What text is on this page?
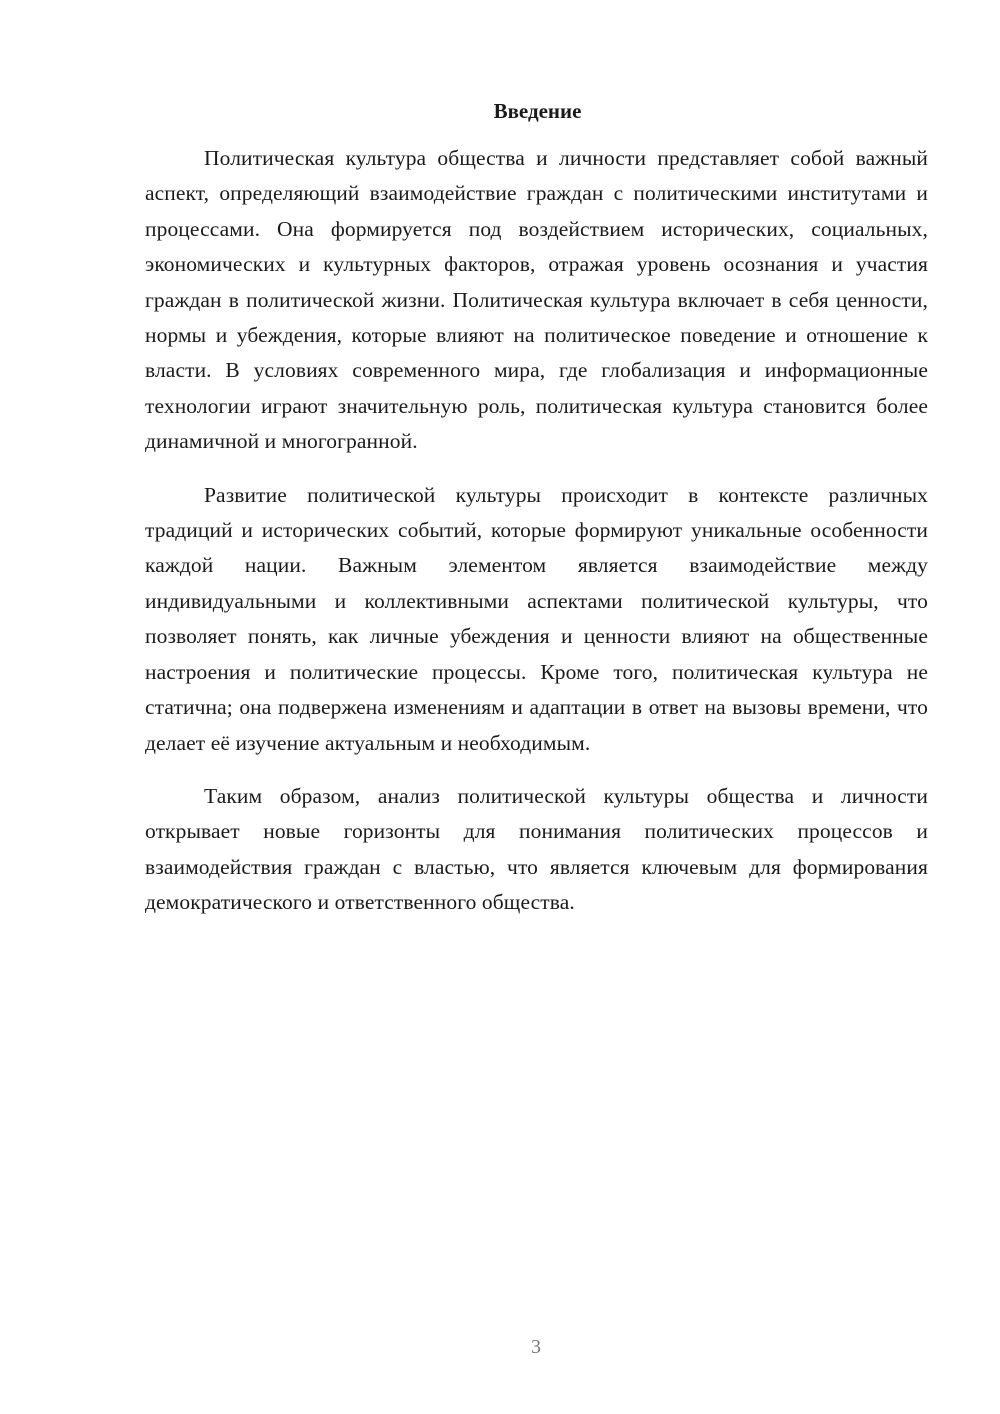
Введение

Политическая культура общества и личности представляет собой важный аспект, определяющий взаимодействие граждан с политическими институтами и процессами. Она формируется под воздействием исторических, социальных, экономических и культурных факторов, отражая уровень осознания и участия граждан в политической жизни. Политическая культура включает в себя ценности, нормы и убеждения, которые влияют на политическое поведение и отношение к власти. В условиях современного мира, где глобализация и информационные технологии играют значительную роль, политическая культура становится более динамичной и многогранной.

Развитие политической культуры происходит в контексте различных традиций и исторических событий, которые формируют уникальные особенности каждой нации. Важным элементом является взаимодействие между индивидуальными и коллективными аспектами политической культуры, что позволяет понять, как личные убеждения и ценности влияют на общественные настроения и политические процессы. Кроме того, политическая культура не статична; она подвержена изменениям и адаптации в ответ на вызовы времени, что делает её изучение актуальным и необходимым.

Таким образом, анализ политической культуры общества и личности открывает новые горизонты для понимания политических процессов и взаимодействия граждан с властью, что является ключевым для формирования демократического и ответственного общества.

3
